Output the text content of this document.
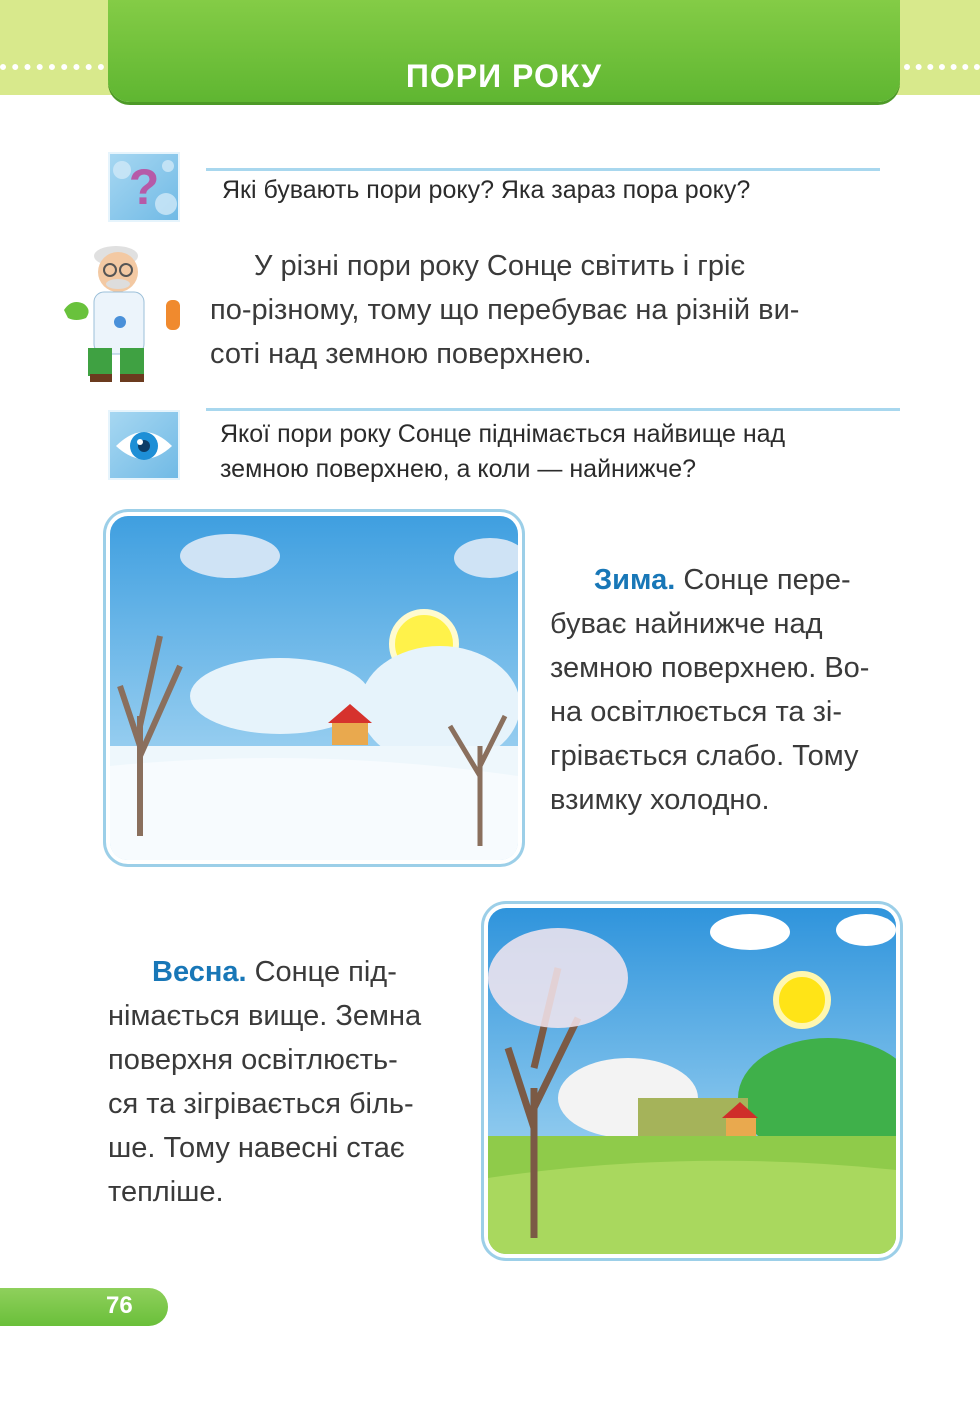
ПОРИ РОКУ
?	Які бувають пори року? Яка зараз пора року?

У різні пори року Сонце світить і гріє

по-різному, тому що перебуває на різній ви-

соті над земною поверхнею.

Якої пори року Сонце піднімається найвище над
земною поверхнею, а коли — найнижче?

Зима. Сонце пере-

буває найнижче над

земною поверхнею. Во-

на освітлюється та зі-

грівається слабо. Тому

взимку холодно.

Весна. Сонце під-

німається вище. Земна

поверхня освітлюєть-

ся та зігрівається біль-

ше. Тому навесні стає

тепліше.

76
